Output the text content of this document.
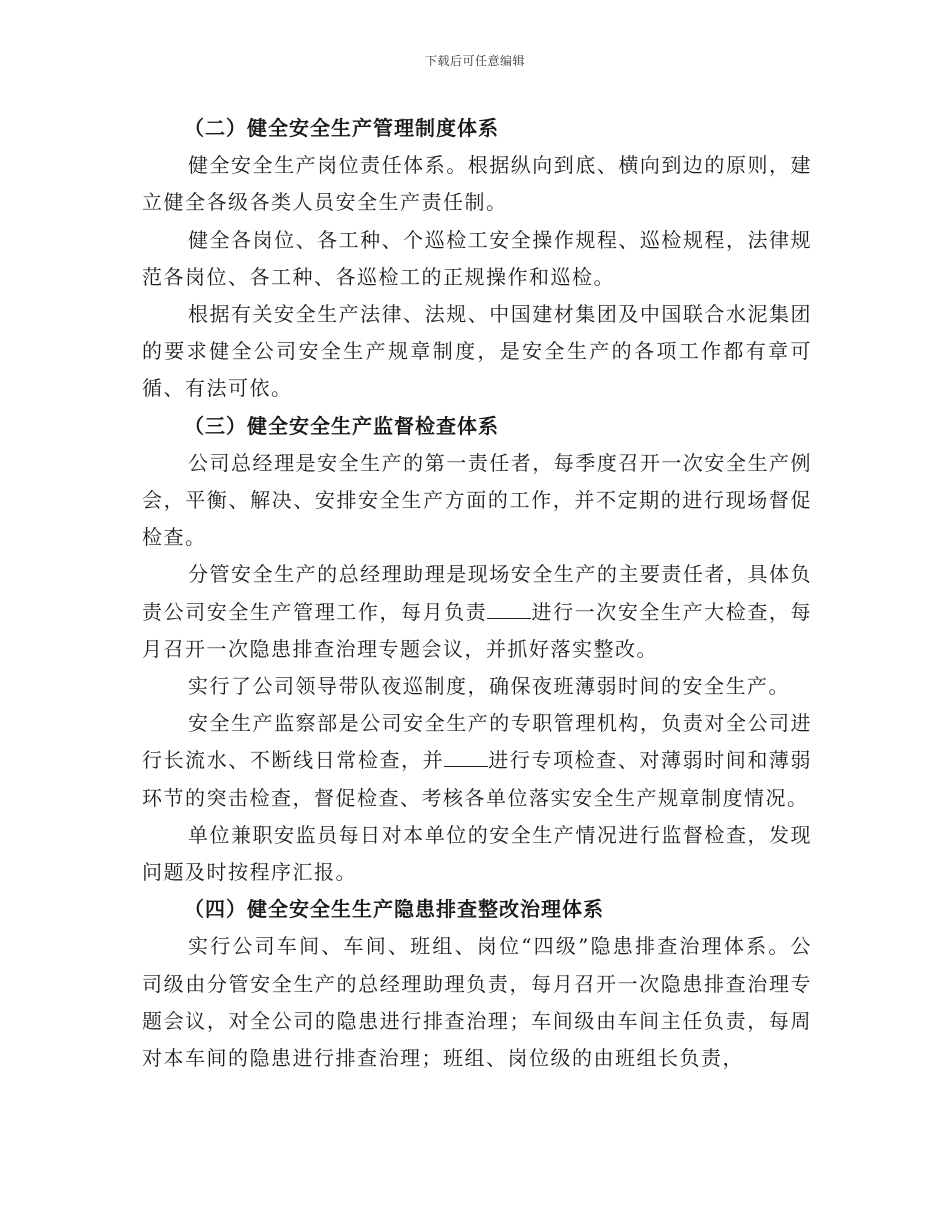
下载后可任意编辑

（二）健全安全生产管理制度体系

健全安全生产岗位责任体系。根据纵向到底、横向到边的原则，建立健全各级各类人员安全生产责任制。

健全各岗位、各工种、个巡检工安全操作规程、巡检规程，法律规范各岗位、各工种、各巡检工的正规操作和巡检。

根据有关安全生产法律、法规、中国建材集团及中国联合水泥集团的要求健全公司安全生产规章制度，是安全生产的各项工作都有章可循、有法可依。

（三）健全安全生产监督检查体系

公司总经理是安全生产的第一责任者，每季度召开一次安全生产例会，平衡、解决、安排安全生产方面的工作，并不定期的进行现场督促检查。

分管安全生产的总经理助理是现场安全生产的主要责任者，具体负责公司安全生产管理工作，每月负责 进行一次安全生产大检查，每月召开一次隐患排查治理专题会议，并抓好落实整改。

实行了公司领导带队夜巡制度，确保夜班薄弱时间的安全生产。

安全生产监察部是公司安全生产的专职管理机构，负责对全公司进行长流水、不断线日常检查，并 进行专项检查、对薄弱时间和薄弱环节的突击检查，督促检查、考核各单位落实安全生产规章制度情况。

单位兼职安监员每日对本单位的安全生产情况进行监督检查，发现问题及时按程序汇报。

（四）健全安全生生产隐患排查整改治理体系

实行公司车间、车间、班组、岗位“四级”隐患排查治理体系。公司级由分管安全生产的总经理助理负责，每月召开一次隐患排查治理专题会议，对全公司的隐患进行排查治理；车间级由车间主任负责，每周对本车间的隐患进行排查治理；班组、岗位级的由班组长负责，
